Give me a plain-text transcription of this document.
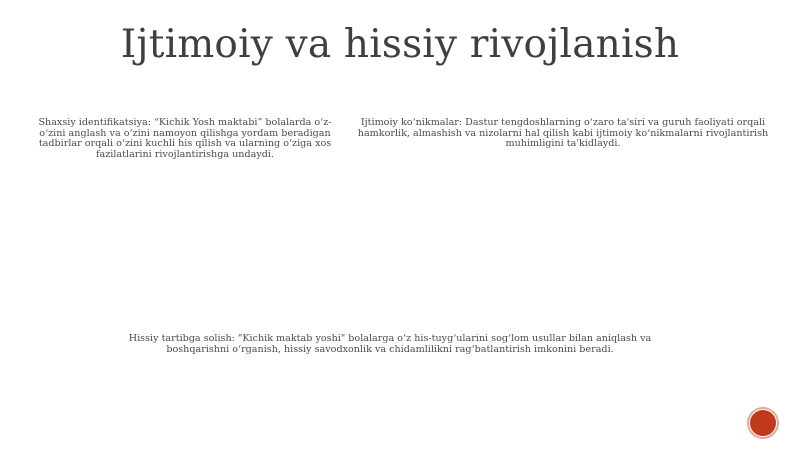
Ijtimoiy va hissiy rivojlanish
Shaxsiy identifikatsiya: “Kichik Yosh maktabi” bolalarda o‘z-o‘zini anglash va o‘zini namoyon qilishga yordam beradigan tadbirlar orqali o‘zini kuchli his qilish va ularning o‘ziga xos fazilatlarini rivojlantirishga undaydi.
Ijtimoiy ko‘nikmalar: Dastur tengdoshlarning o‘zaro ta'siri va guruh faoliyati orqali hamkorlik, almashish va nizolarni hal qilish kabi ijtimoiy ko‘nikmalarni rivojlantirish muhimligini ta'kidlaydi.
Hissiy tartibga solish: "Kichik maktab yoshi" bolalarga o‘z his-tuyg‘ularini sog‘lom usullar bilan aniqlash va boshqarishni o‘rganish, hissiy savodxonlik va chidamlilikni rag‘batlantirish imkonini beradi.
